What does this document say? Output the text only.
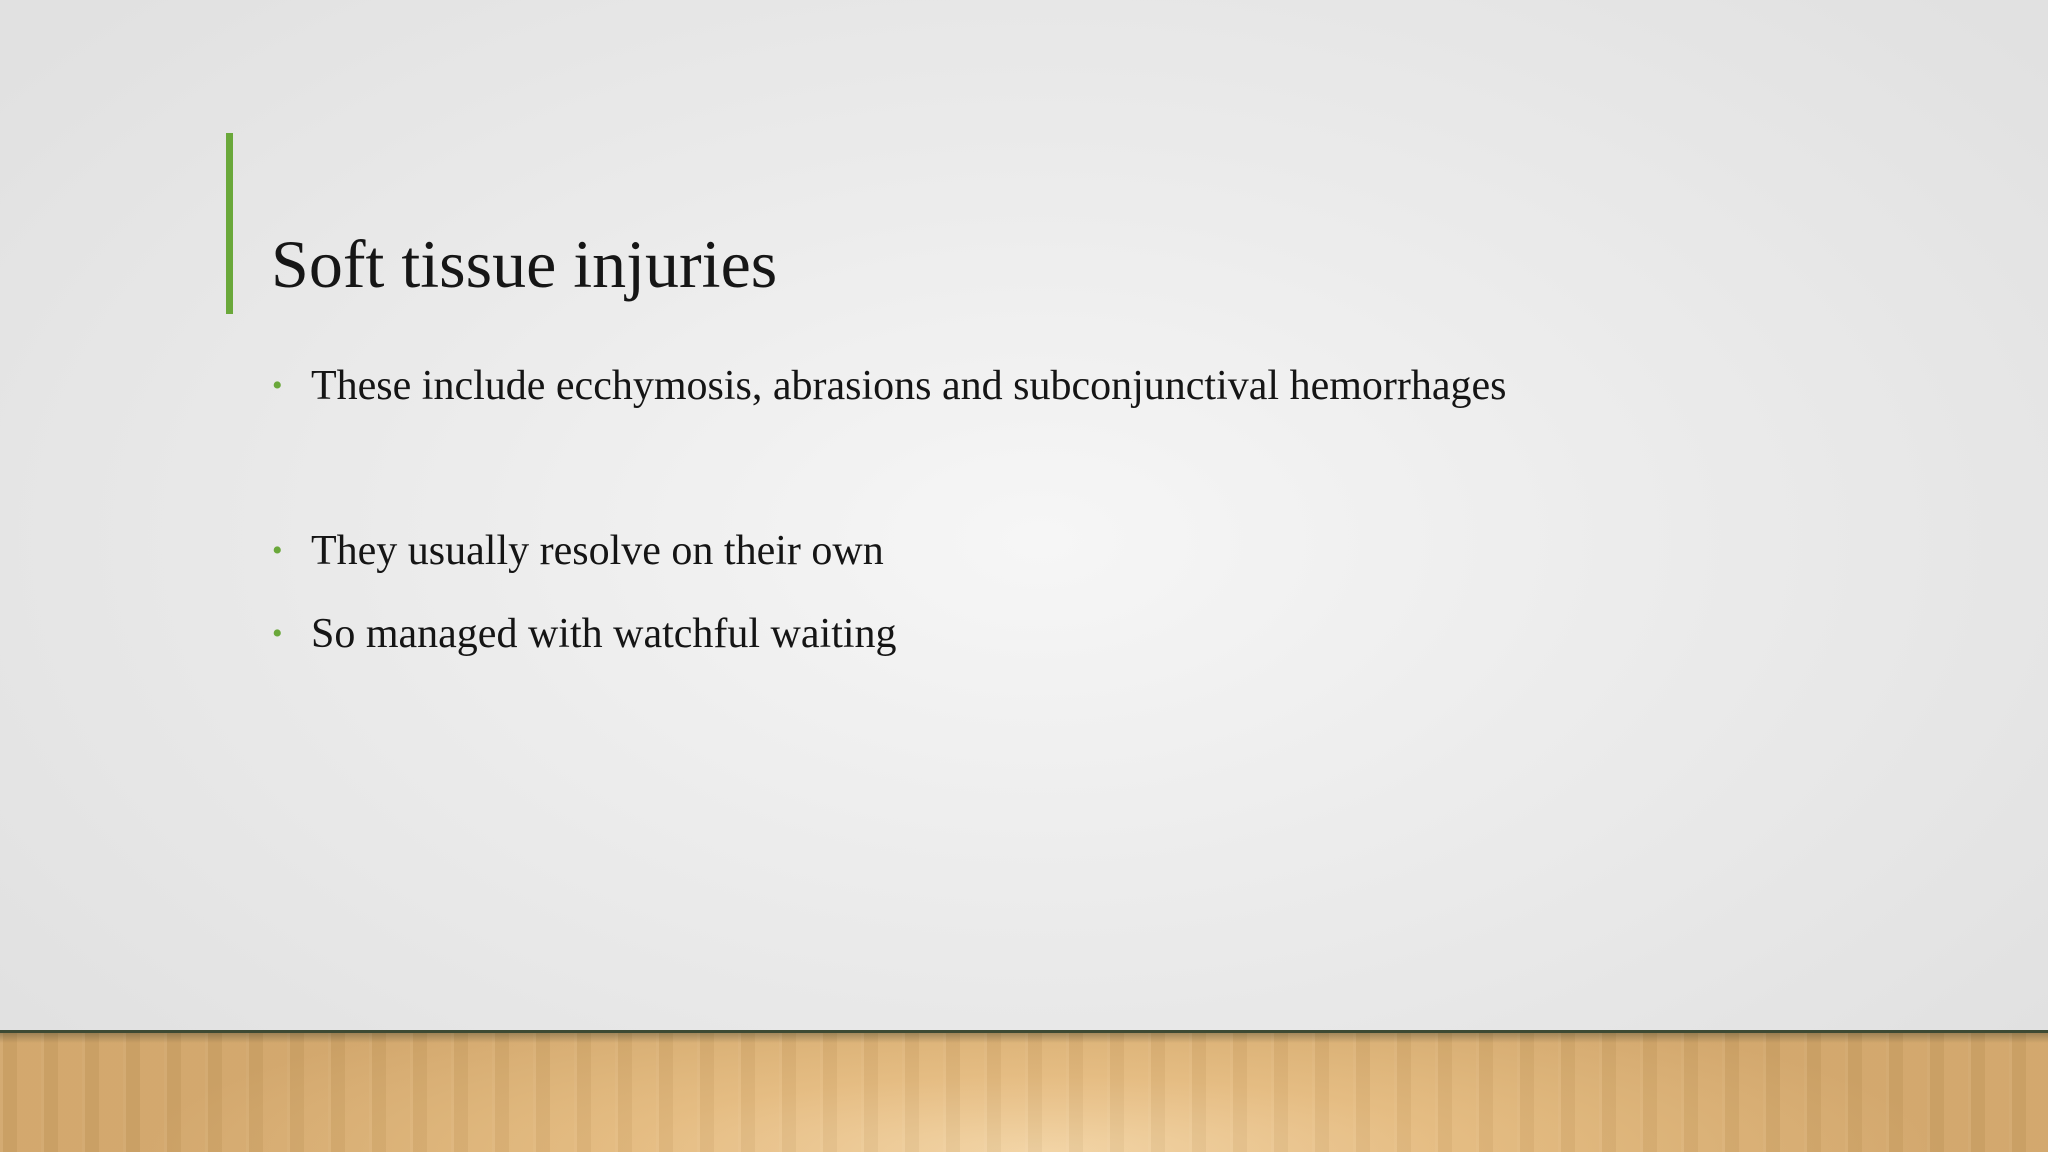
Soft tissue injuries
• These include ecchymosis, abrasions and subconjunctival hemorrhages
• They usually resolve on their own
• So managed with watchful waiting
